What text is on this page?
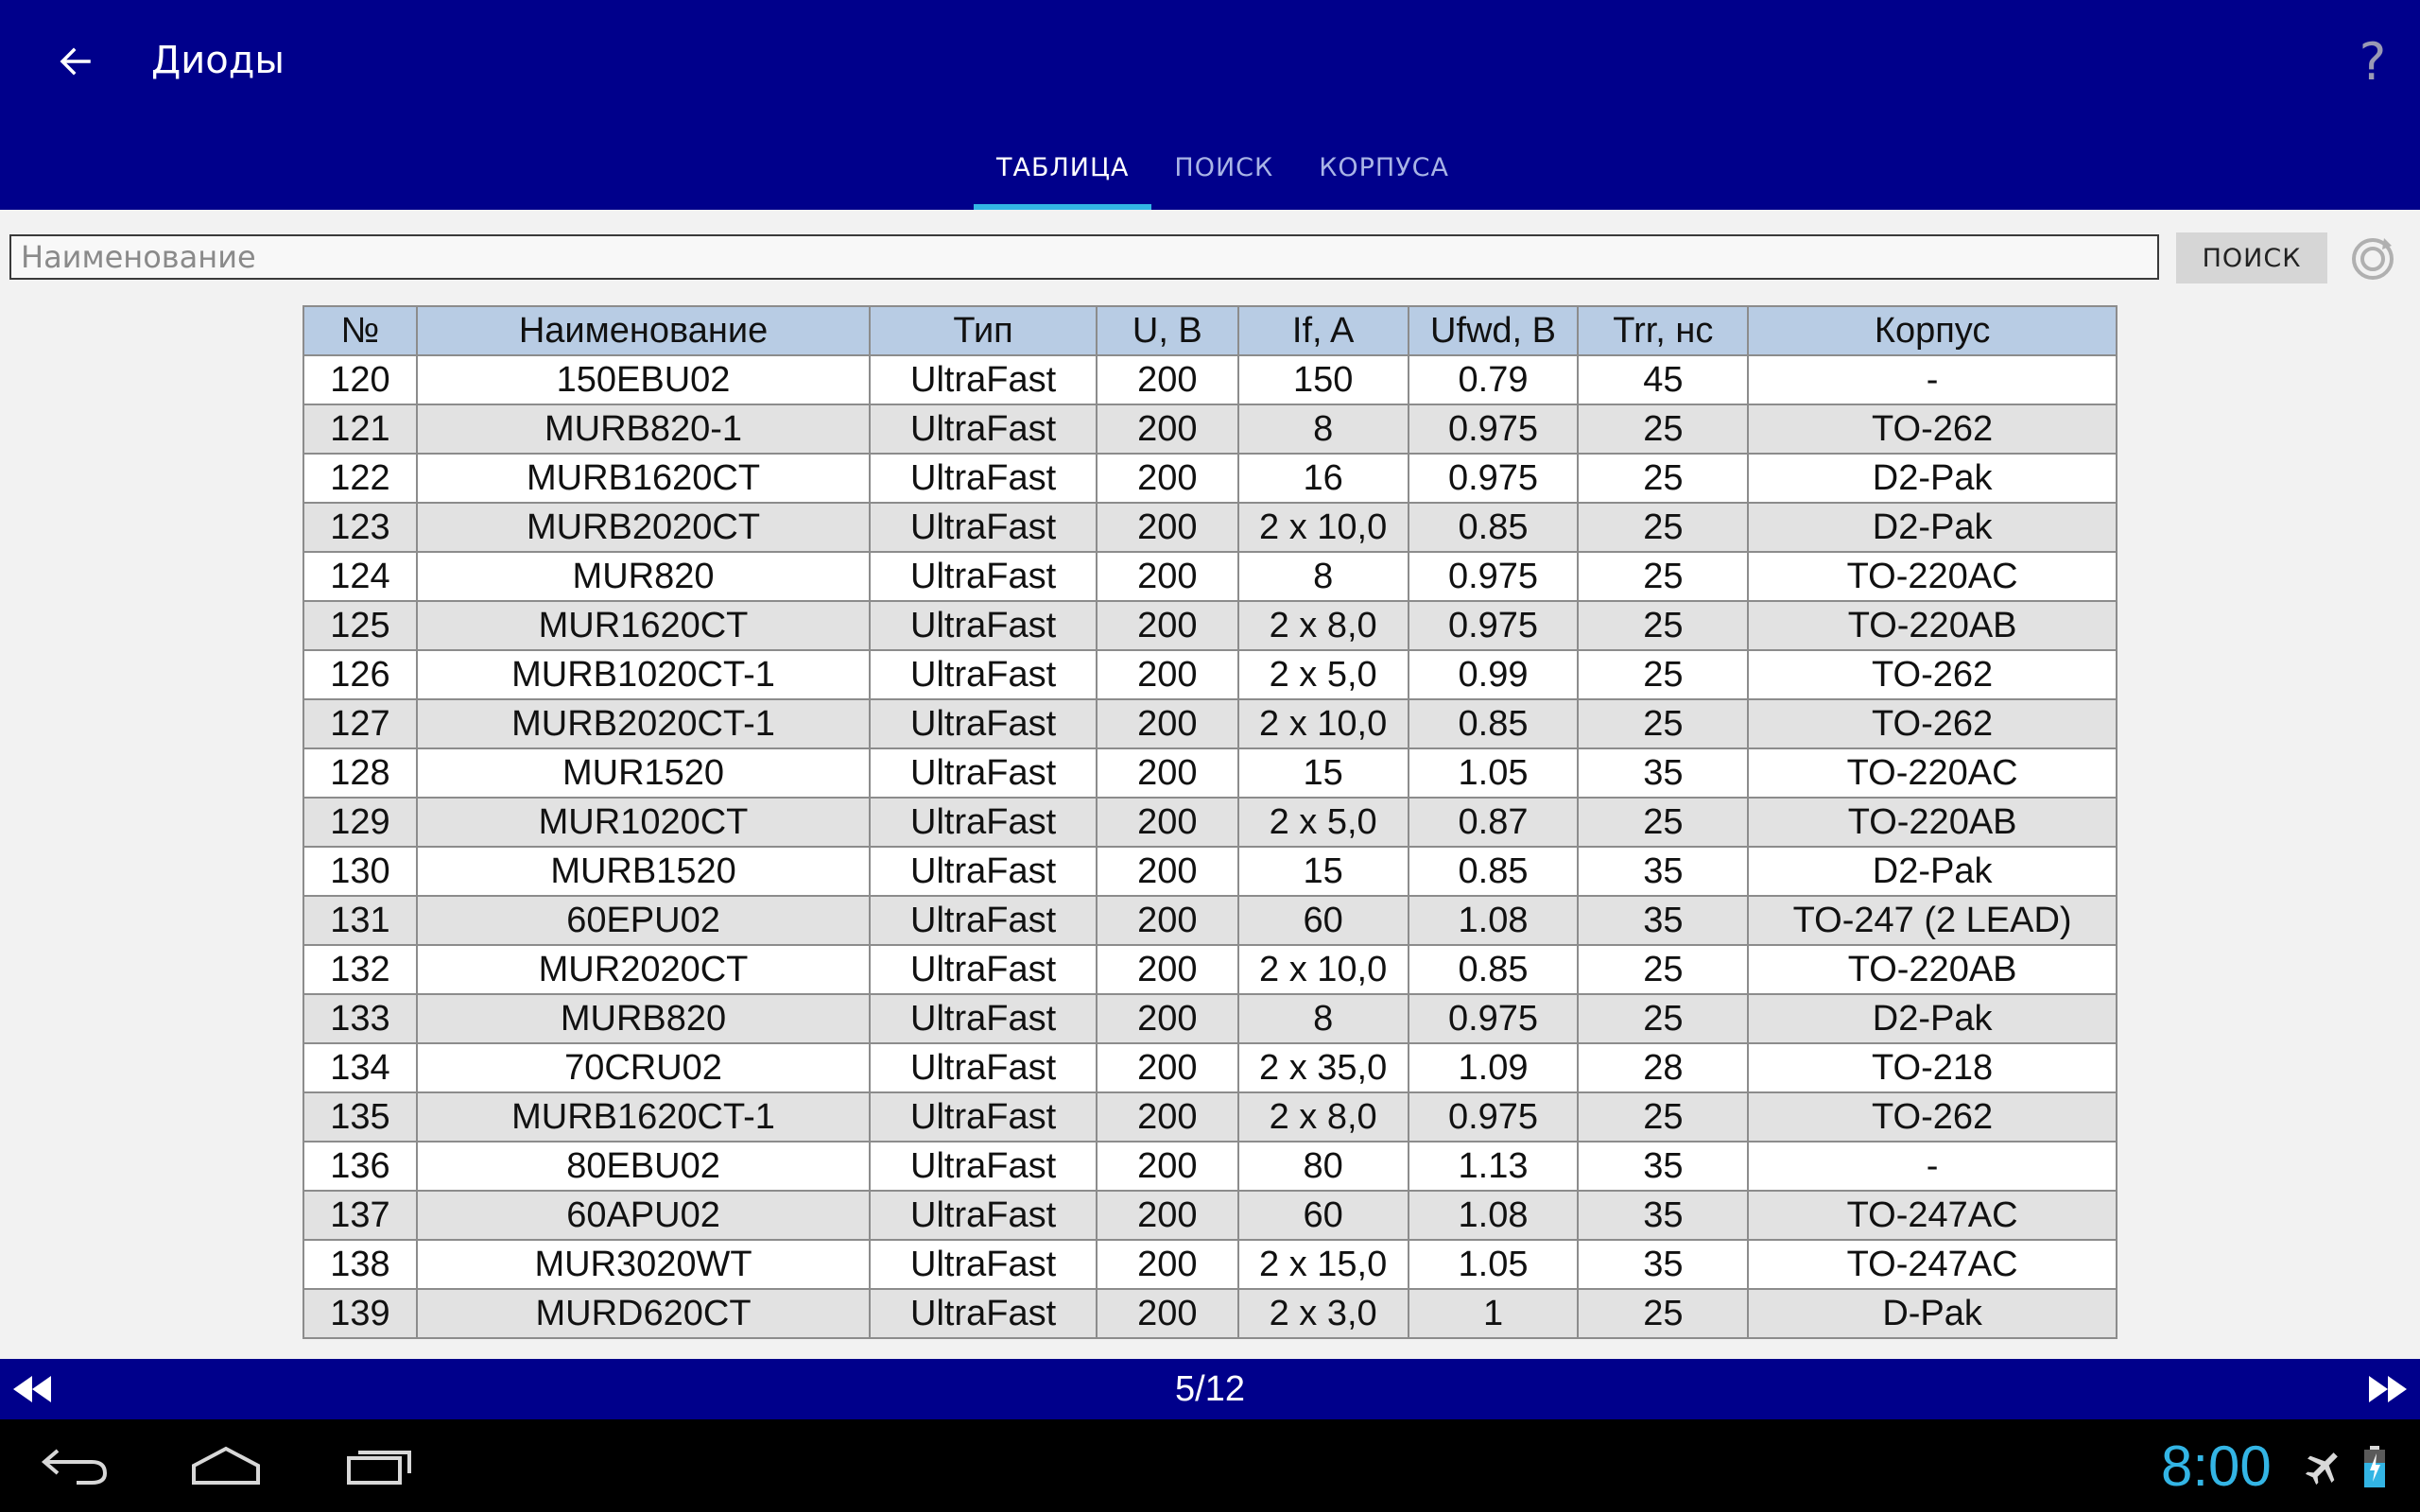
Диоды	?
ТАБЛИЦА	ПОИСК	КОРПУСА
Наименование
ПОИСК
№	Наименование	Тип	U, В	If, A	Ufwd, В	Trr, нс	Корпус
120	150EBU02	UltraFast	200	150	0.79	45	-
121	MURB820-1	UltraFast	200	8	0.975	25	TO-262
122	MURB1620CT	UltraFast	200	16	0.975	25	D2-Pak
123	MURB2020CT	UltraFast	200	2 x 10,0	0.85	25	D2-Pak
124	MUR820	UltraFast	200	8	0.975	25	TO-220AC
125	MUR1620CT	UltraFast	200	2 x 8,0	0.975	25	TO-220AB
126	MURB1020CT-1	UltraFast	200	2 x 5,0	0.99	25	TO-262
127	MURB2020CT-1	UltraFast	200	2 x 10,0	0.85	25	TO-262
128	MUR1520	UltraFast	200	15	1.05	35	TO-220AC
129	MUR1020CT	UltraFast	200	2 x 5,0	0.87	25	TO-220AB
130	MURB1520	UltraFast	200	15	0.85	35	D2-Pak
131	60EPU02	UltraFast	200	60	1.08	35	TO-247 (2 LEAD)
132	MUR2020CT	UltraFast	200	2 x 10,0	0.85	25	TO-220AB
133	MURB820	UltraFast	200	8	0.975	25	D2-Pak
134	70CRU02	UltraFast	200	2 x 35,0	1.09	28	TO-218
135	MURB1620CT-1	UltraFast	200	2 x 8,0	0.975	25	TO-262
136	80EBU02	UltraFast	200	80	1.13	35	-
137	60APU02	UltraFast	200	60	1.08	35	TO-247AC
138	MUR3020WT	UltraFast	200	2 x 15,0	1.05	35	TO-247AC
139	MURD620CT	UltraFast	200	2 x 3,0	1	25	D-Pak
5/12
8:00
